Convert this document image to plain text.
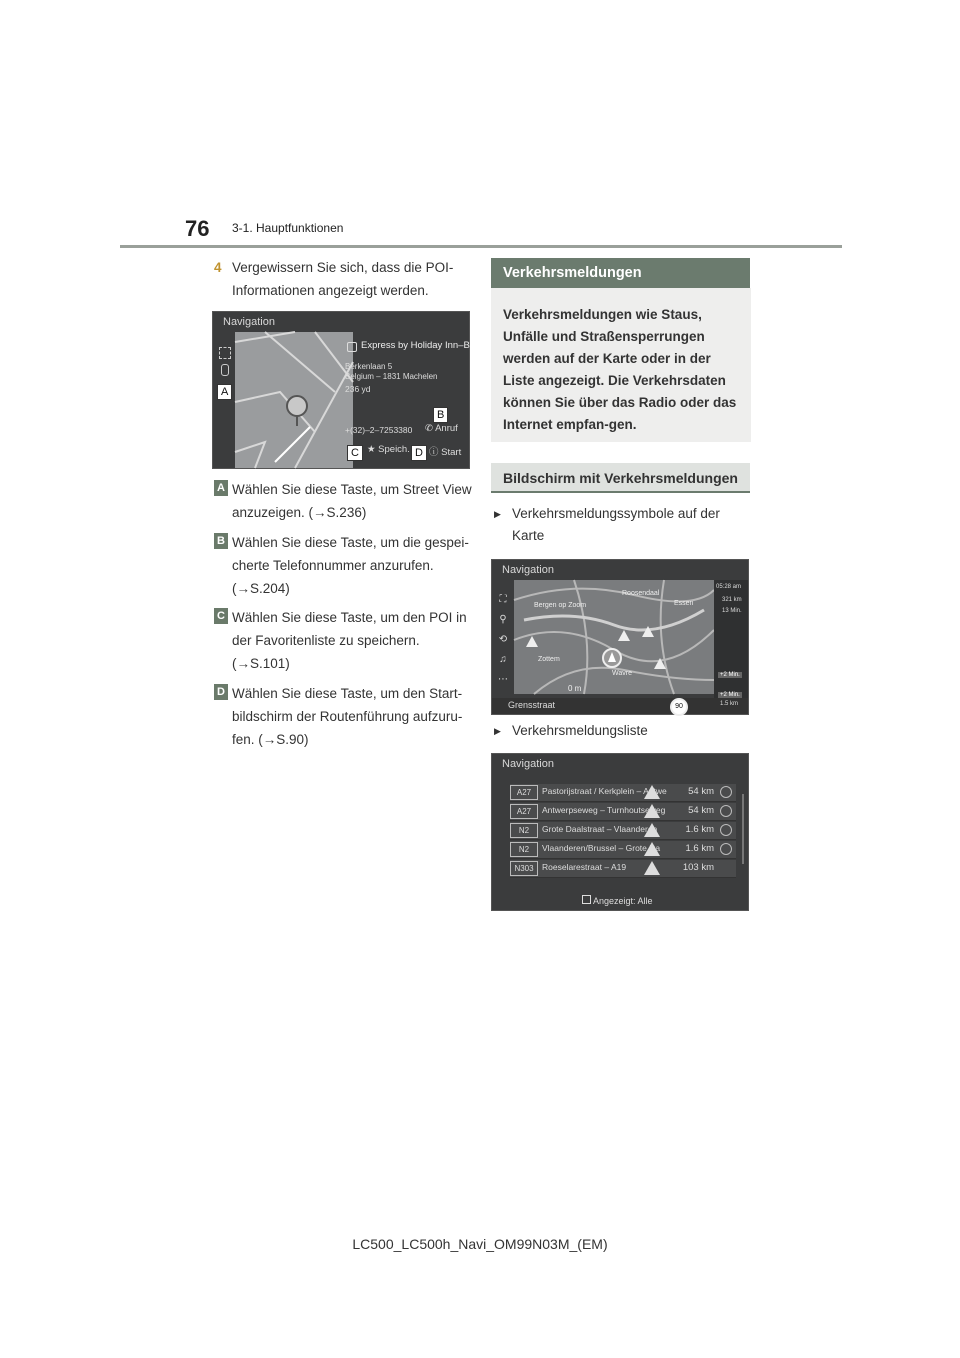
76 3-1. Hauptfunktionen
4 Vergewissern Sie sich, dass die POI-Informationen angezeigt werden.
Navigation
A
Express by Holiday Inn–B
Berkenlaan 5
Belgium – 1831 Machelen
236 yd
B
+(32)–2–7253380 ✆ Anruf
C ★ Speich. D ⓘ Start
A Wählen Sie diese Taste, um Street View anzuzeigen. (→S.236)
B Wählen Sie diese Taste, um die gespei-cherte Telefonnummer anzurufen. (→S.204)
C Wählen Sie diese Taste, um den POI in der Favoritenliste zu speichern. (→S.101)
D Wählen Sie diese Taste, um den Start-bildschirm der Routenführung aufzuru-fen. (→S.90)
Verkehrsmeldungen
Verkehrsmeldungen wie Staus, Unfälle und Straßensperrungen werden auf der Karte oder in der Liste angezeigt. Die Verkehrsdaten können Sie über das Radio oder das Internet empfan-gen.
Bildschirm mit Verkehrsmeldungen
▶ Verkehrsmeldungssymbole auf der Karte
Navigation
Roosendaal
Essen
Bergen op Zoom
Zottem
Wavre
⛶
⚲
⟲
♫
⋯
05:28 am
321 km
13 Min.
+2 Min.
+2 Min.
0 m
Grensstraat	90	1.5 km
▶ Verkehrsmeldungsliste
Navigation
A27	Pastorijstraat / Kerkplein – Antwe 54 km
A27	Antwerpseweg – Turnhoutseweg 54 km
N2	Grote Daalstraat – Vlaanderen	1.6 km
N2	Vlaanderen/Brussel – Grote Da	1.6 km
N303 Roeselarestraat – A19	103 km
Angezeigt: Alle
LC500_LC500h_Navi_OM99N03M_(EM)
